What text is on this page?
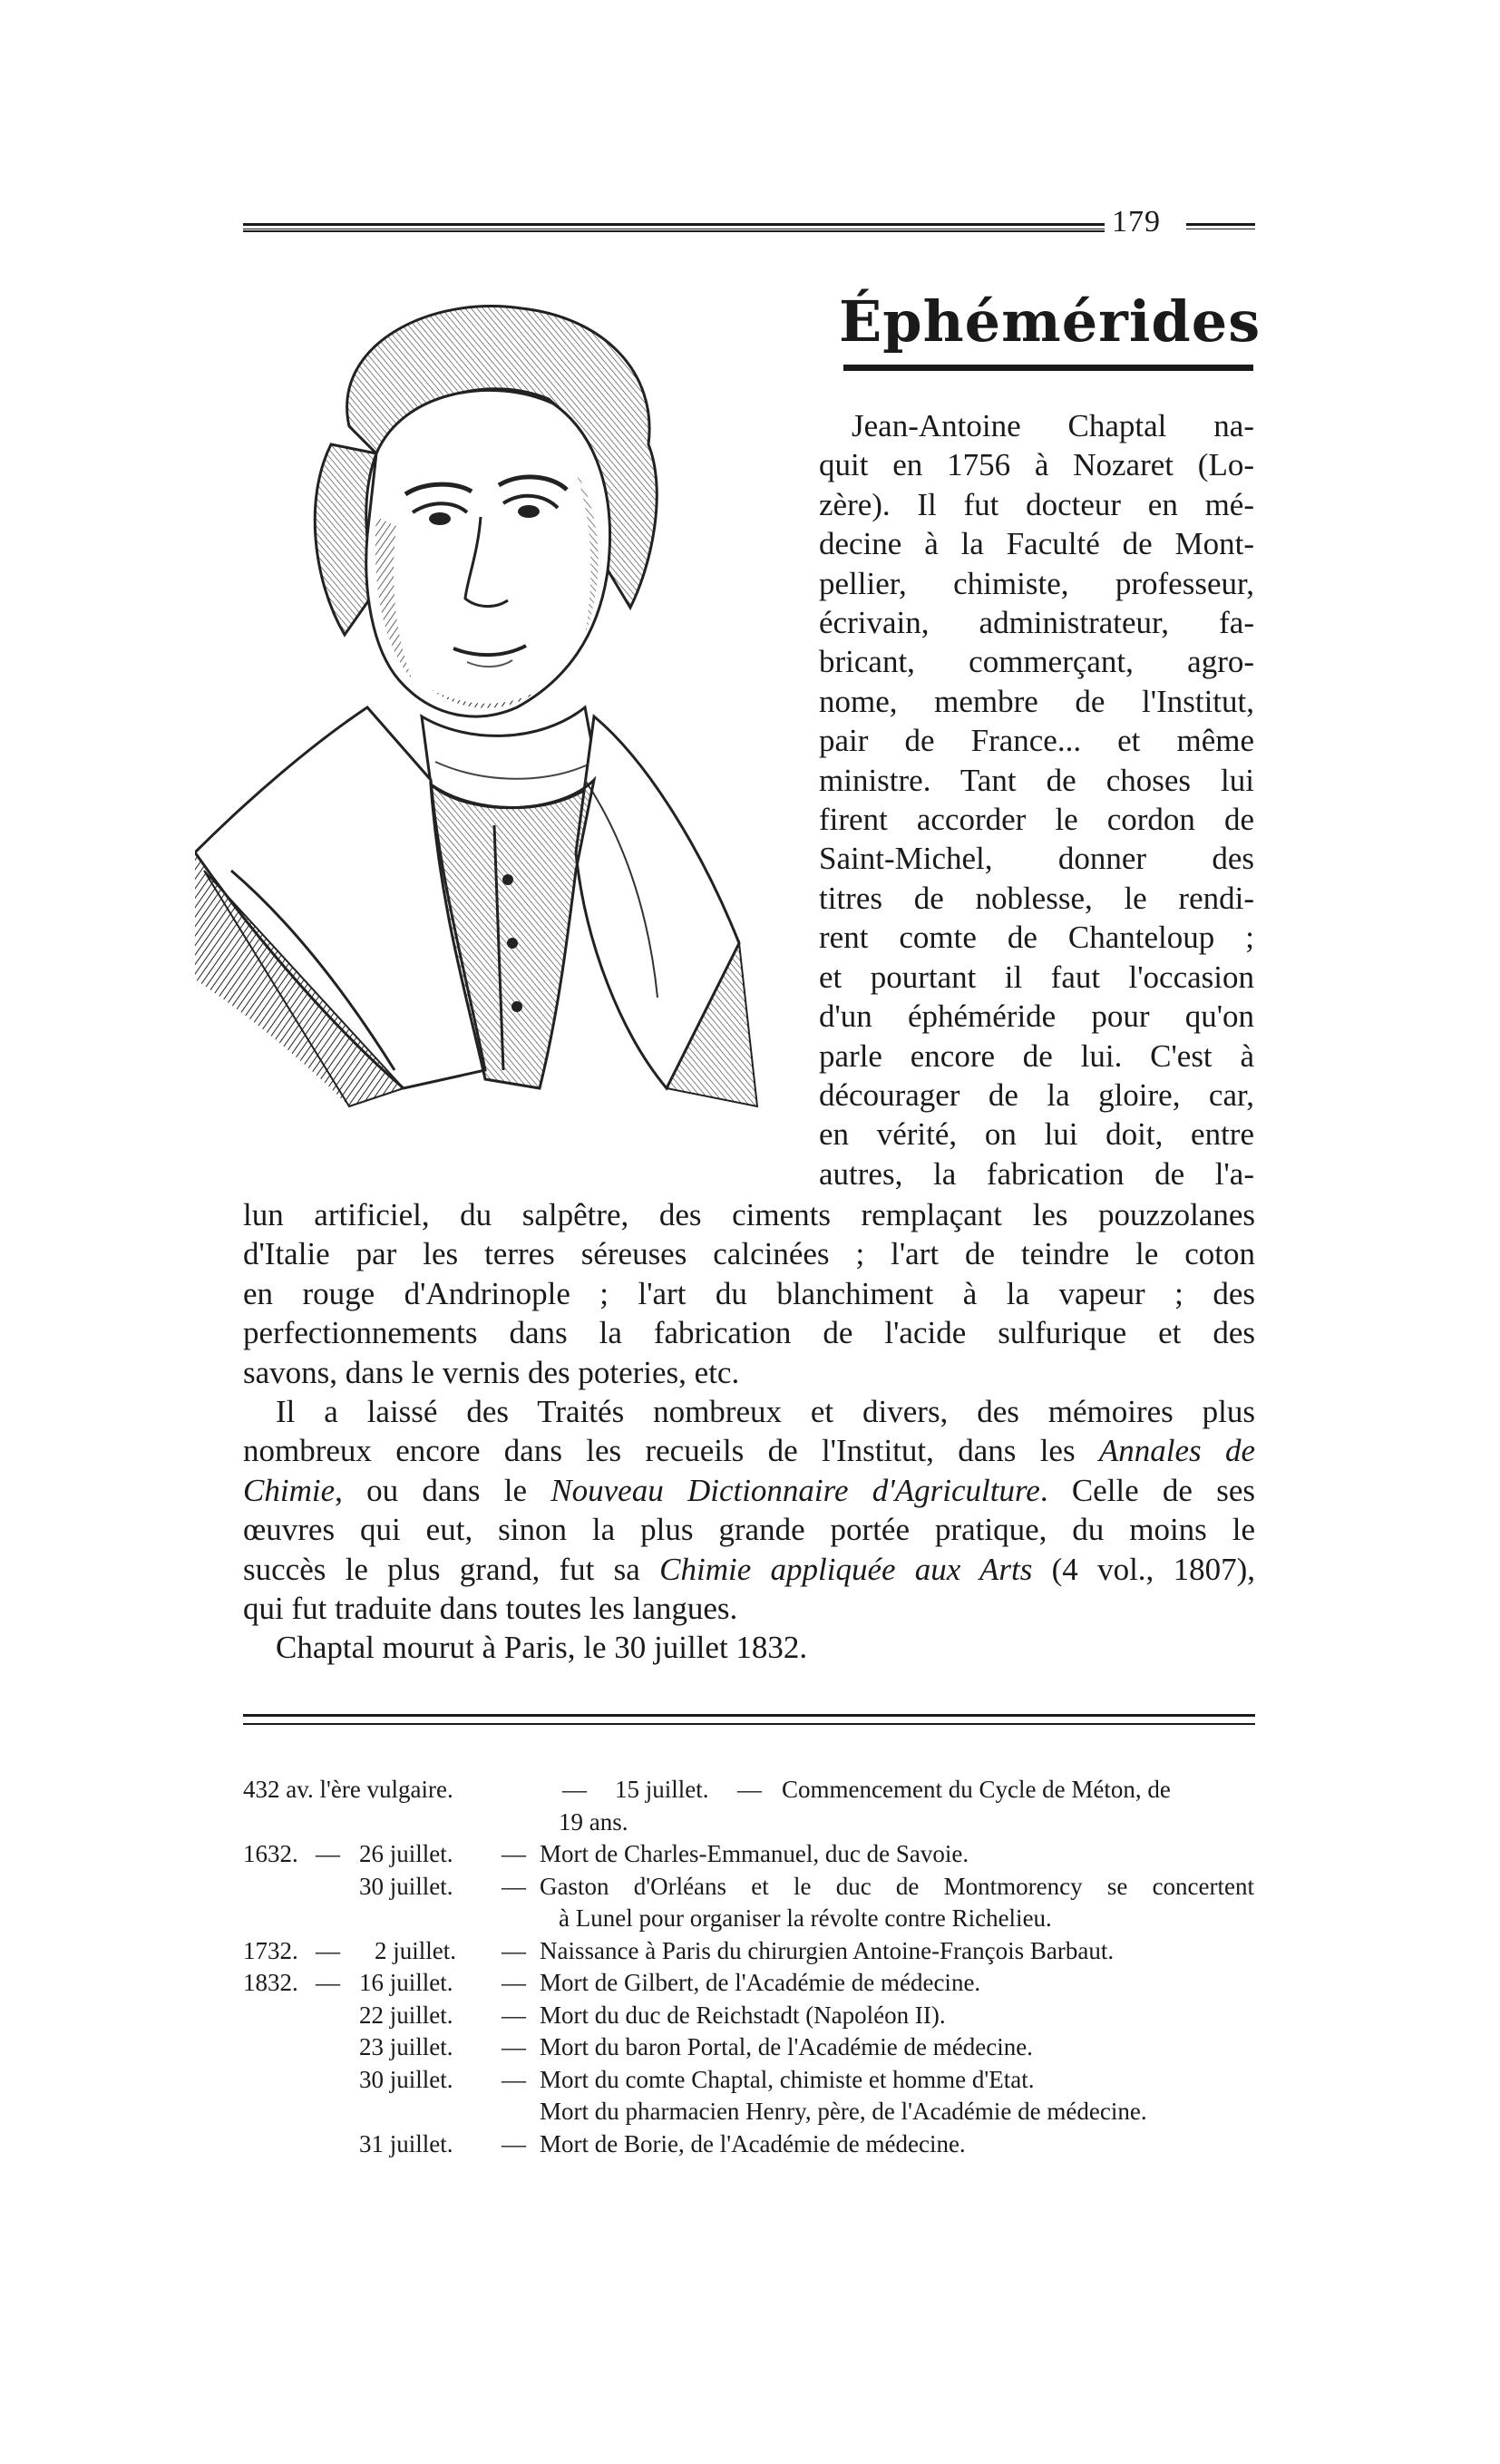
179
Éphémérides
Jean-Antoine Chaptal na-
quit en 1756 à Nozaret (Lo-
zère). Il fut docteur en mé-
decine à la Faculté de Mont-
pellier, chimiste, professeur,
écrivain, administrateur, fa-
bricant, commerçant, agro-
nome, membre de l'Institut,
pair de France... et même
ministre. Tant de choses lui
firent accorder le cordon de
Saint-Michel, donner des
titres de noblesse, le rendi-
rent comte de Chanteloup ;
et pourtant il faut l'occasion
d'un éphéméride pour qu'on
parle encore de lui. C'est à
décourager de la gloire, car,
en vérité, on lui doit, entre
autres, la fabrication de l'a-
lun artificiel, du salpêtre, des ciments remplaçant les pouzzolanes
d'Italie par les terres séreuses calcinées ; l'art de teindre le coton
en rouge d'Andrinople ; l'art du blanchiment à la vapeur ; des
perfectionnements dans la fabrication de l'acide sulfurique et des
savons, dans le vernis des poteries, etc.
Il a laissé des Traités nombreux et divers, des mémoires plus
nombreux encore dans les recueils de l'Institut, dans les Annales de
Chimie, ou dans le Nouveau Dictionnaire d'Agriculture. Celle de ses
œuvres qui eut, sinon la plus grande portée pratique, du moins le
succès le plus grand, fut sa Chimie appliquée aux Arts (4 vol., 1807),
qui fut traduite dans toutes les langues.
Chaptal mourut à Paris, le 30 juillet 1832.
432 av. l'ère vulgaire.	— 15 juillet. — Commencement du Cycle de Méton, de
19 ans.
1632. — 26 juillet. — Mort de Charles-Emmanuel, duc de Savoie.
30 juillet. — Gaston d'Orléans et le duc de Montmorency se concertent
à Lunel pour organiser la révolte contre Richelieu.
1732. — 2 juillet. — Naissance à Paris du chirurgien Antoine-François Barbaut.
1832. — 16 juillet. — Mort de Gilbert, de l'Académie de médecine.
22 juillet. — Mort du duc de Reichstadt (Napoléon II).
23 juillet. — Mort du baron Portal, de l'Académie de médecine.
30 juillet. — Mort du comte Chaptal, chimiste et homme d'Etat.
Mort du pharmacien Henry, père, de l'Académie de médecine.
31 juillet. — Mort de Borie, de l'Académie de médecine.
